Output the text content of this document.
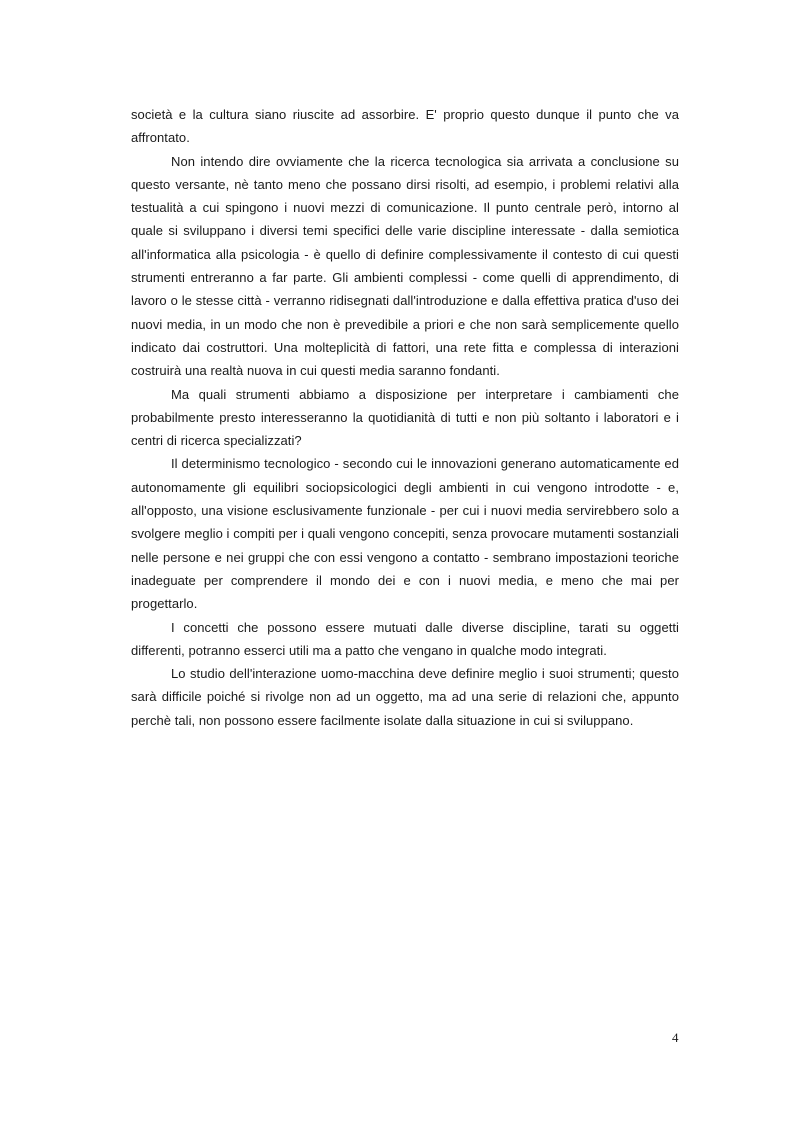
società e la cultura siano riuscite ad assorbire. E' proprio questo dunque il punto che va affrontato.

Non intendo dire ovviamente che la ricerca tecnologica sia arrivata a conclusione su questo versante, nè tanto meno che possano dirsi risolti, ad esempio, i problemi relativi alla testualità a cui spingono i nuovi mezzi di comunicazione. Il punto centrale però, intorno al quale si sviluppano i diversi temi specifici delle varie discipline interessate - dalla semiotica all'informatica alla psicologia - è quello di definire complessivamente il contesto di cui questi strumenti entreranno a far parte. Gli ambienti complessi - come quelli di apprendimento, di lavoro o le stesse città - verranno ridisegnati dall'introduzione e dalla effettiva pratica d'uso dei nuovi media, in un modo che non è prevedibile a priori e che non sarà semplicemente quello indicato dai costruttori. Una molteplicità di fattori, una rete fitta e complessa di interazioni costruirà una realtà nuova in cui questi media saranno fondanti.

Ma quali strumenti abbiamo a disposizione per interpretare i cambiamenti che probabilmente presto interesseranno la quotidianità di tutti e non più soltanto i laboratori e i centri di ricerca specializzati?

Il determinismo tecnologico - secondo cui le innovazioni generano automaticamente ed autonomamente gli equilibri sociopsicologici degli ambienti in cui vengono introdotte - e, all'opposto, una visione esclusivamente funzionale - per cui i nuovi media servirebbero solo a svolgere meglio i compiti per i quali vengono concepiti, senza provocare mutamenti sostanziali nelle persone e nei gruppi che con essi vengono a contatto - sembrano impostazioni teoriche inadeguate per comprendere il mondo dei e con i nuovi media, e meno che mai per progettarlo.

I concetti che possono essere mutuati dalle diverse discipline, tarati su oggetti differenti, potranno esserci utili ma a patto che vengano in qualche modo integrati.

Lo studio dell'interazione uomo-macchina deve definire meglio i suoi strumenti; questo sarà difficile poiché si rivolge non ad un oggetto, ma ad una serie di relazioni che, appunto perchè tali, non possono essere facilmente isolate dalla situazione in cui si sviluppano.

4
